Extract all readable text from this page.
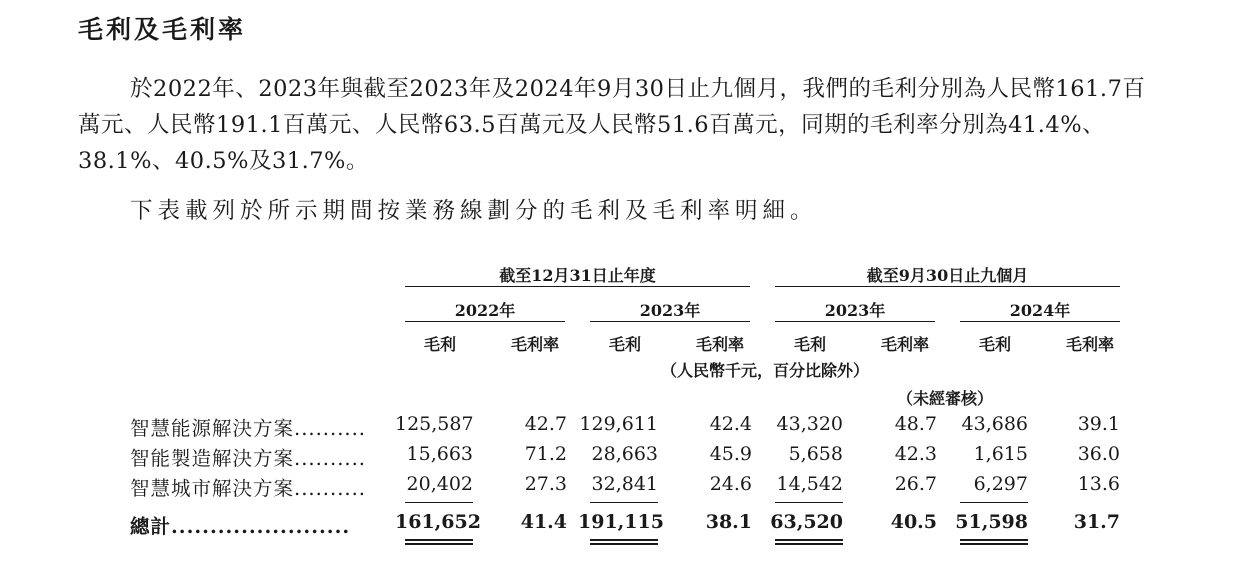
毛利及毛利率
於2022年、2023年與截至2023年及2024年9月30日止九個月，我們的毛利分別為人民幣161.7百萬元、人民幣191.1百萬元、人民幣63.5百萬元及人民幣51.6百萬元，同期的毛利率分別為41.4%、38.1%、40.5%及31.7%。
下表載列於所示期間按業務線劃分的毛利及毛利率明細。
截至12月31日止年度	截至9月30日止九個月
2022年	2023年	2023年	2024年
毛利	毛利率	毛利	毛利率	毛利	毛利率	毛利	毛利率
（人民幣千元，百分比除外）
（未經審核）
智慧能源解決方案.......... 125,587	42.7 129,611	42.4	43,320	48.7	43,686	39.1
智能製造解決方案..........	15,663	71.2	28,663	45.9	5,658	42.3	1,615	36.0
智慧城市解決方案..........	20,402	27.3	32,841	24.6	14,542	26.7	6,297	13.6
總計....................... 161,652	41.4 191,115	38.1 63,520	40.5 51,598	31.7
